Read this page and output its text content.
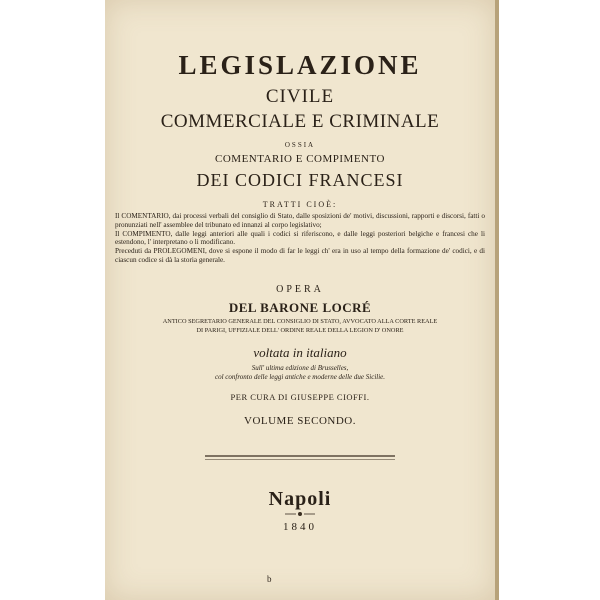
LEGISLAZIONE
CIVILE
COMMERCIALE E CRIMINALE
OSSIA
COMENTARIO E COMPIMENTO
DEI CODICI FRANCESI
TRATTI CIOÈ:

Il COMENTARIO, dai processi verbali del consiglio di Stato, dalle sposizioni de' motivi, discussioni, rapporti e discorsi, fatti o pronunziati nell' assemblee del tribunato ed innanzi al corpo legislativo;

Il COMPIMENTO, dalle leggi anteriori alle quali i codici si riferiscono, e dalle leggi posteriori belgiche e francesi che li estendono, l' interpretano o li modificano.

Preceduti da PROLEGOMENI, dove si espone il modo di far le leggi ch' era in uso al tempo della formazione de' codici, e di ciascun codice si dà la storia generale.

OPERA
DEL BARONE LOCRÉ
ANTICO SEGRETARIO GENERALE DEL CONSIGLIO DI STATO, AVVOCATO ALLA CORTE REALE
DI PARIGI, UFFIZIALE DELL' ORDINE REALE DELLA LEGION D' ONORE
voltata in italiano
Sull' ultima edizione di Brusselles,
col confronto delle leggi antiche e moderne delle due Sicilie.
PER CURA DI GIUSEPPE CIOFFI.
VOLUME SECONDO.
Napoli
1840
b
